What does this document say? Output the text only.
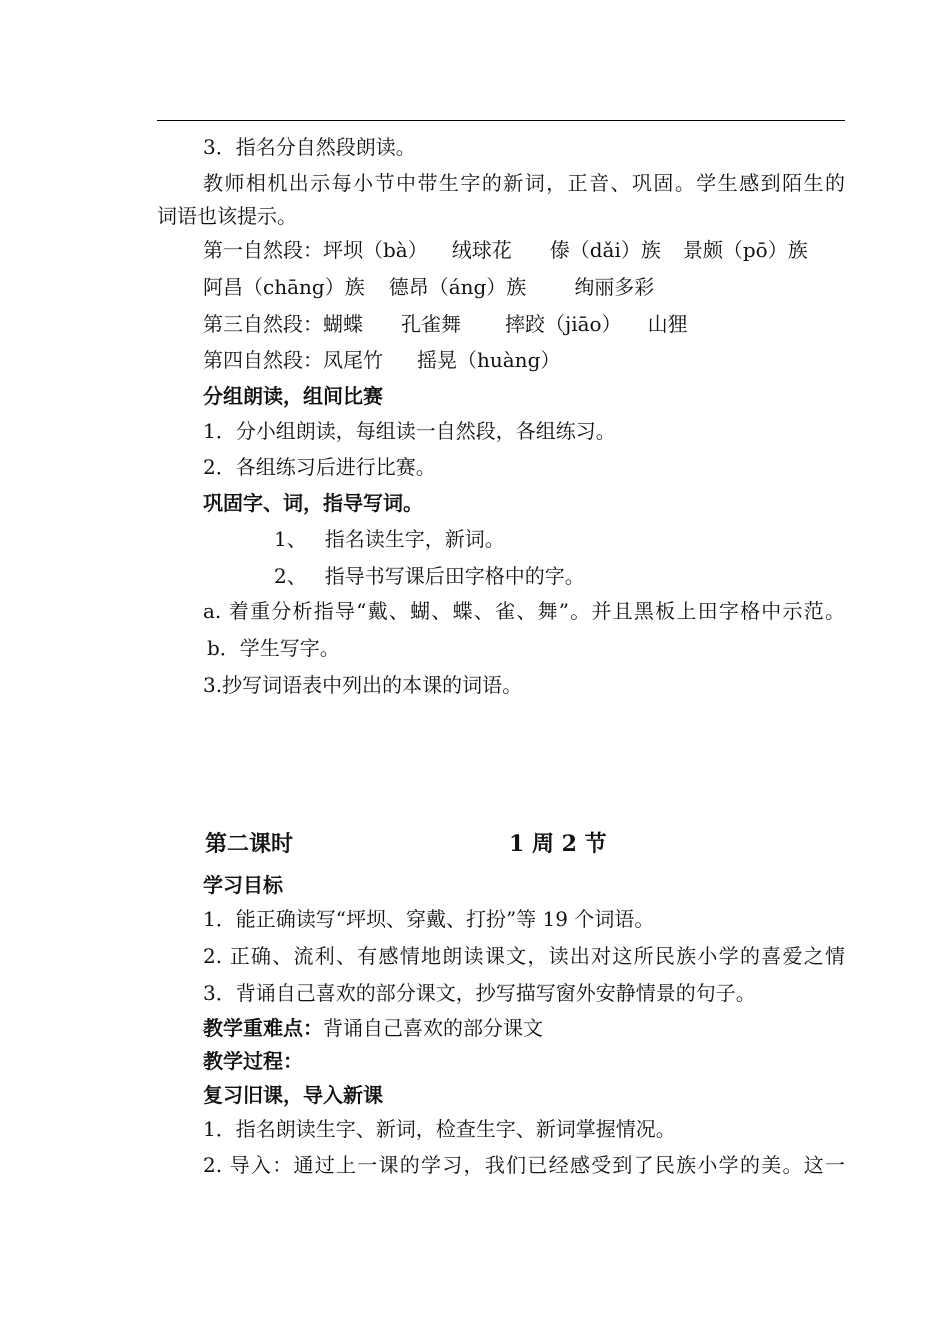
3．指名分自然段朗读。
教师相机出示每小节中带生字的新词，正音、巩固。学生感到陌生的
词语也该提示。
第一自然段：坪坝（bà） 绒球花 傣（dǎi）族 景颇（pō）族
阿昌（chāng）族 德昂（áng）族 绚丽多彩
第三自然段：蝴蝶 孔雀舞 摔跤（jiāo） 山狸
第四自然段：凤尾竹 摇晃（huàng）
分组朗读，组间比赛
1．分小组朗读，每组读一自然段，各组练习。
2．各组练习后进行比赛。
巩固字、词，指导写词。
1、 指名读生字，新词。
2、 指导书写课后田字格中的字。
a. 着重分析指导“戴、蝴、蝶、雀、舞”。并且黑板上田字格中示范。
b．学生写字。
3.抄写词语表中列出的本课的词语。
第二课时	1 周 2 节
学习目标
1．能正确读写“坪坝、穿戴、打扮”等 19 个词语。
2. 正确、流利、有感情地朗读课文，读出对这所民族小学的喜爱之情
3．背诵自己喜欢的部分课文，抄写描写窗外安静情景的句子。
教学重难点：背诵自己喜欢的部分课文
教学过程：
复习旧课，导入新课
1．指名朗读生字、新词，检查生字、新词掌握情况。
2. 导入：通过上一课的学习，我们已经感受到了民族小学的美。这一
